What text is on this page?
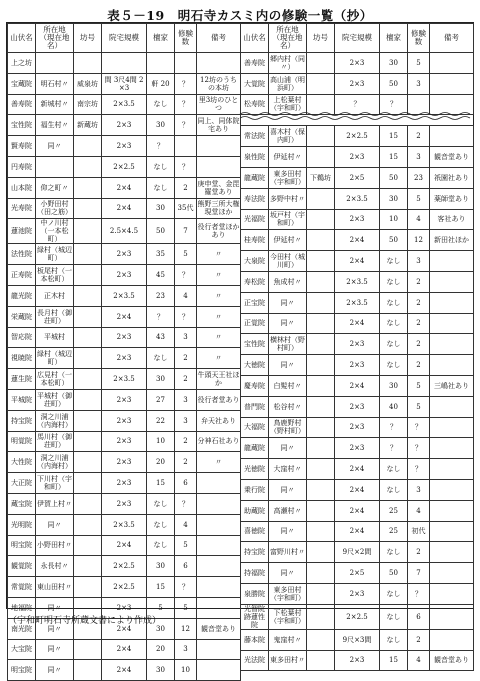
表５－19　明石寺カスミ内の修験一覧（抄）
山伏名	所在地（現在地名）	坊号	院宅規模	檀家	修験数	備考
上之坊						
宝蔵院	明石村〃	威泉坊	間 3尺4間 2×3	軒 20	？	12坊のうちの本坊
善寿院	新城村〃	南宗坊	2×3.5	なし	？	里3坊のひとつ
宝性院	福生村〃	新蔵坊	2×3	30	？	同上、同体院宅あり
賢寿院	同〃		2×3	？		
円寿院			2×2.5	なし	？	
山本院	仰之町〃		2×4	なし	2	庚申堂、金毘羅堂あり
光寿院	小野田村（田之筋）		2×4	30	35代	熊野三所大権現堂ほか
蓮池院	中ノ川村（一本松町）		2.5×4.5	50	7	役行者堂ほかあり
法性院	緑村（城辺町）		2×3	35	5	〃
正寿院	板尾村（一本松町）		2×3	45	？	〃
龍光院	正木村		2×3.5	23	4	〃
栄蔵院	長月村（御荘町）		2×4	？	？	〃
智応院	平城村		2×3	43	3	〃
視暁院	緑村（城辺町）		2×3	なし	2	〃
蓮生院	広見村（一本松町）		2×3.5	30	2	牛頭天王社ほか
平城院	平城村（御荘町）		2×3	27	3	役行者堂あり
持宝院	洞之川浦（内海村）		2×3	22	3	弁天社あり
明覚院	馬川村（御荘町）		2×3	10	2	分神石社あり
大性院	洞之川浦（内海村）		2×3	20	2	〃
大正院	下川村（宇和町）		2×3	15	6	
蔵宝院	伊賀上村〃		2×3	なし	？	
光明院	同〃		2×3.5	なし	4	
明宝院	小野田村〃		2×4	なし	5	
観覚院	永長村〃		2×2.5	30	6	
常覚院	東山田村〃		2×2.5	15	？	
地福院	同〃		2×3	5	5	
南光院	同〃		2×4	30	12	観音堂あり
大宝院	同〃		2×4	20	3	
明宝院	同〃		2×4	30	10	
山伏名	所在地（現在地名）	坊号	院宅規模	檀家	修験数	備考
善寿院	郷内村（同〃）		2×3	30	5	
大覚院	高山浦（明浜町）		2×3	50	3	
松寿院	上松葉村（宇和町）		？	？		

常法院	喜木村（保内町）		2×2.5	15	2	
泉性院	伊延村〃		2×3	15	3	観音堂あり
龍蔵院	東多田村（宇和町）	下鵜坊	2×5	50	23	祇園社あり
寿法院	多野中村〃		2×3.5	30	5	薬師堂あり
光福院	坂戸村（宇和町）		2×3	10	4	客社あり
桂寿院	伊延村〃		2×4	50	12	新田社ほか
大泉院	今田村（城川町）		2×4	なし	3	
寿松院	魚成村〃		2×3.5	なし	2	
正宝院	同〃		2×3.5	なし	2	
正覚院	同〃		2×4	なし	2	
宝性院	横林村（野村町）		2×3	なし	2	
大徳院	同〃		2×3	なし	2	
慶寿院	白髪村〃		2×4	30	5	三嶋社あり
普門院	松谷村〃		2×3	40	5	
大福院	鳥鹿野村（野村町）		2×3	？	？	
龍蔵院	同〃		2×3	？	？	
光徳院	大窪村〃		2×4	なし	？	
乗行院	同〃		2×4	なし	3	
助蔵院	高瀬村〃		2×4	25	4	
喜徳院	同〃		2×4	25	初代	
持宝院	富野川村〃		9尺×2間	なし	2	
持福院	同〃		2×5	50	7	
泉勝院	東多田村（宇和町）		2×3	なし	？	
光智院跡蓮性院	下松葉村（宇和町）		2×2.5	なし	6	
藤本院	鬼窪村〃		9尺×3間	なし	2	
光法院	東多田村〃		2×3	15	4	観音堂あり
（宇和町明石寺所蔵文書により作成）
